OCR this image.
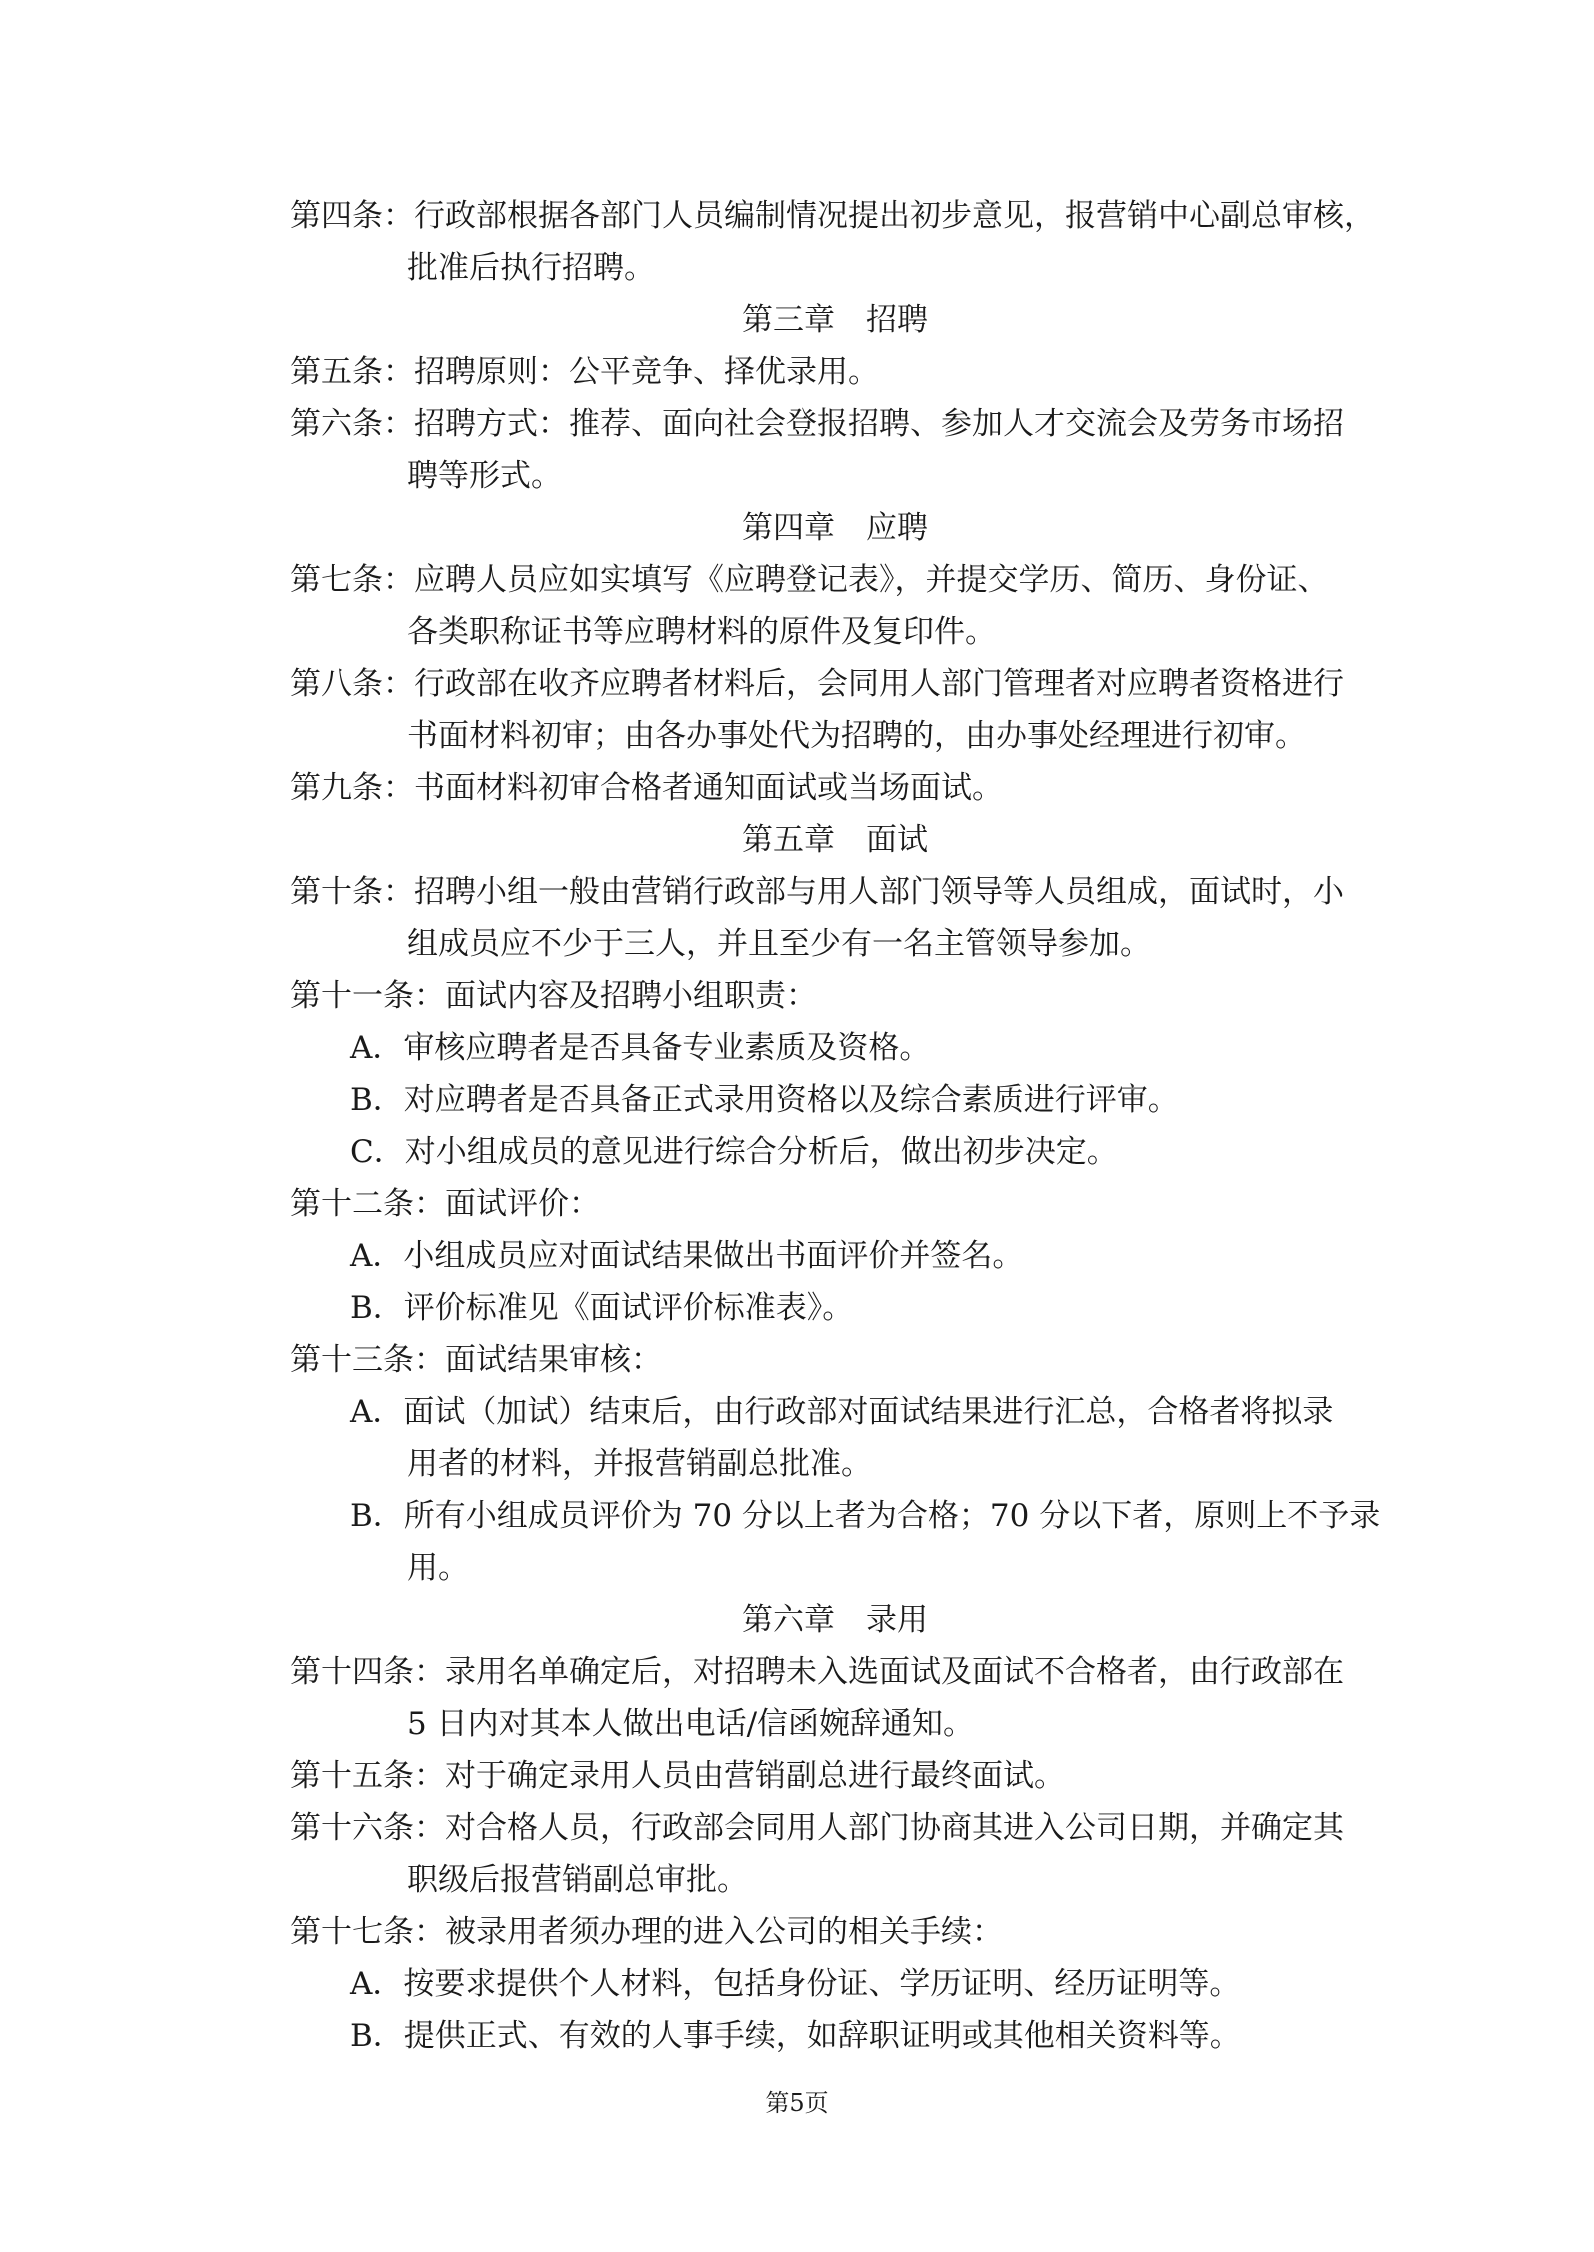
第四条：行政部根据各部门人员编制情况提出初步意见，报营销中心副总审核，

批准后执行招聘。

第三章　招聘

第五条：招聘原则：公平竞争、择优录用。

第六条：招聘方式：推荐、面向社会登报招聘、参加人才交流会及劳务市场招

聘等形式。

第四章　应聘

第七条：应聘人员应如实填写《应聘登记表》，并提交学历、简历、身份证、

各类职称证书等应聘材料的原件及复印件。

第八条：行政部在收齐应聘者材料后，会同用人部门管理者对应聘者资格进行

书面材料初审；由各办事处代为招聘的，由办事处经理进行初审。

第九条：书面材料初审合格者通知面试或当场面试。

第五章　面试

第十条：招聘小组一般由营销行政部与用人部门领导等人员组成，面试时，小

组成员应不少于三人，并且至少有一名主管领导参加。

第十一条：面试内容及招聘小组职责：

A．审核应聘者是否具备专业素质及资格。

B．对应聘者是否具备正式录用资格以及综合素质进行评审。

C．对小组成员的意见进行综合分析后，做出初步决定。

第十二条：面试评价：

A．小组成员应对面试结果做出书面评价并签名。

B．评价标准见《面试评价标准表》。

第十三条：面试结果审核：

A．面试（加试）结束后，由行政部对面试结果进行汇总，合格者将拟录

用者的材料，并报营销副总批准。

B．所有小组成员评价为 70 分以上者为合格；70 分以下者，原则上不予录

用。

第六章　录用

第十四条：录用名单确定后，对招聘未入选面试及面试不合格者，由行政部在

5 日内对其本人做出电话/信函婉辞通知。

第十五条：对于确定录用人员由营销副总进行最终面试。

第十六条：对合格人员，行政部会同用人部门协商其进入公司日期，并确定其

职级后报营销副总审批。

第十七条：被录用者须办理的进入公司的相关手续：

A．按要求提供个人材料，包括身份证、学历证明、经历证明等。

B．提供正式、有效的人事手续，如辞职证明或其他相关资料等。

第5页
